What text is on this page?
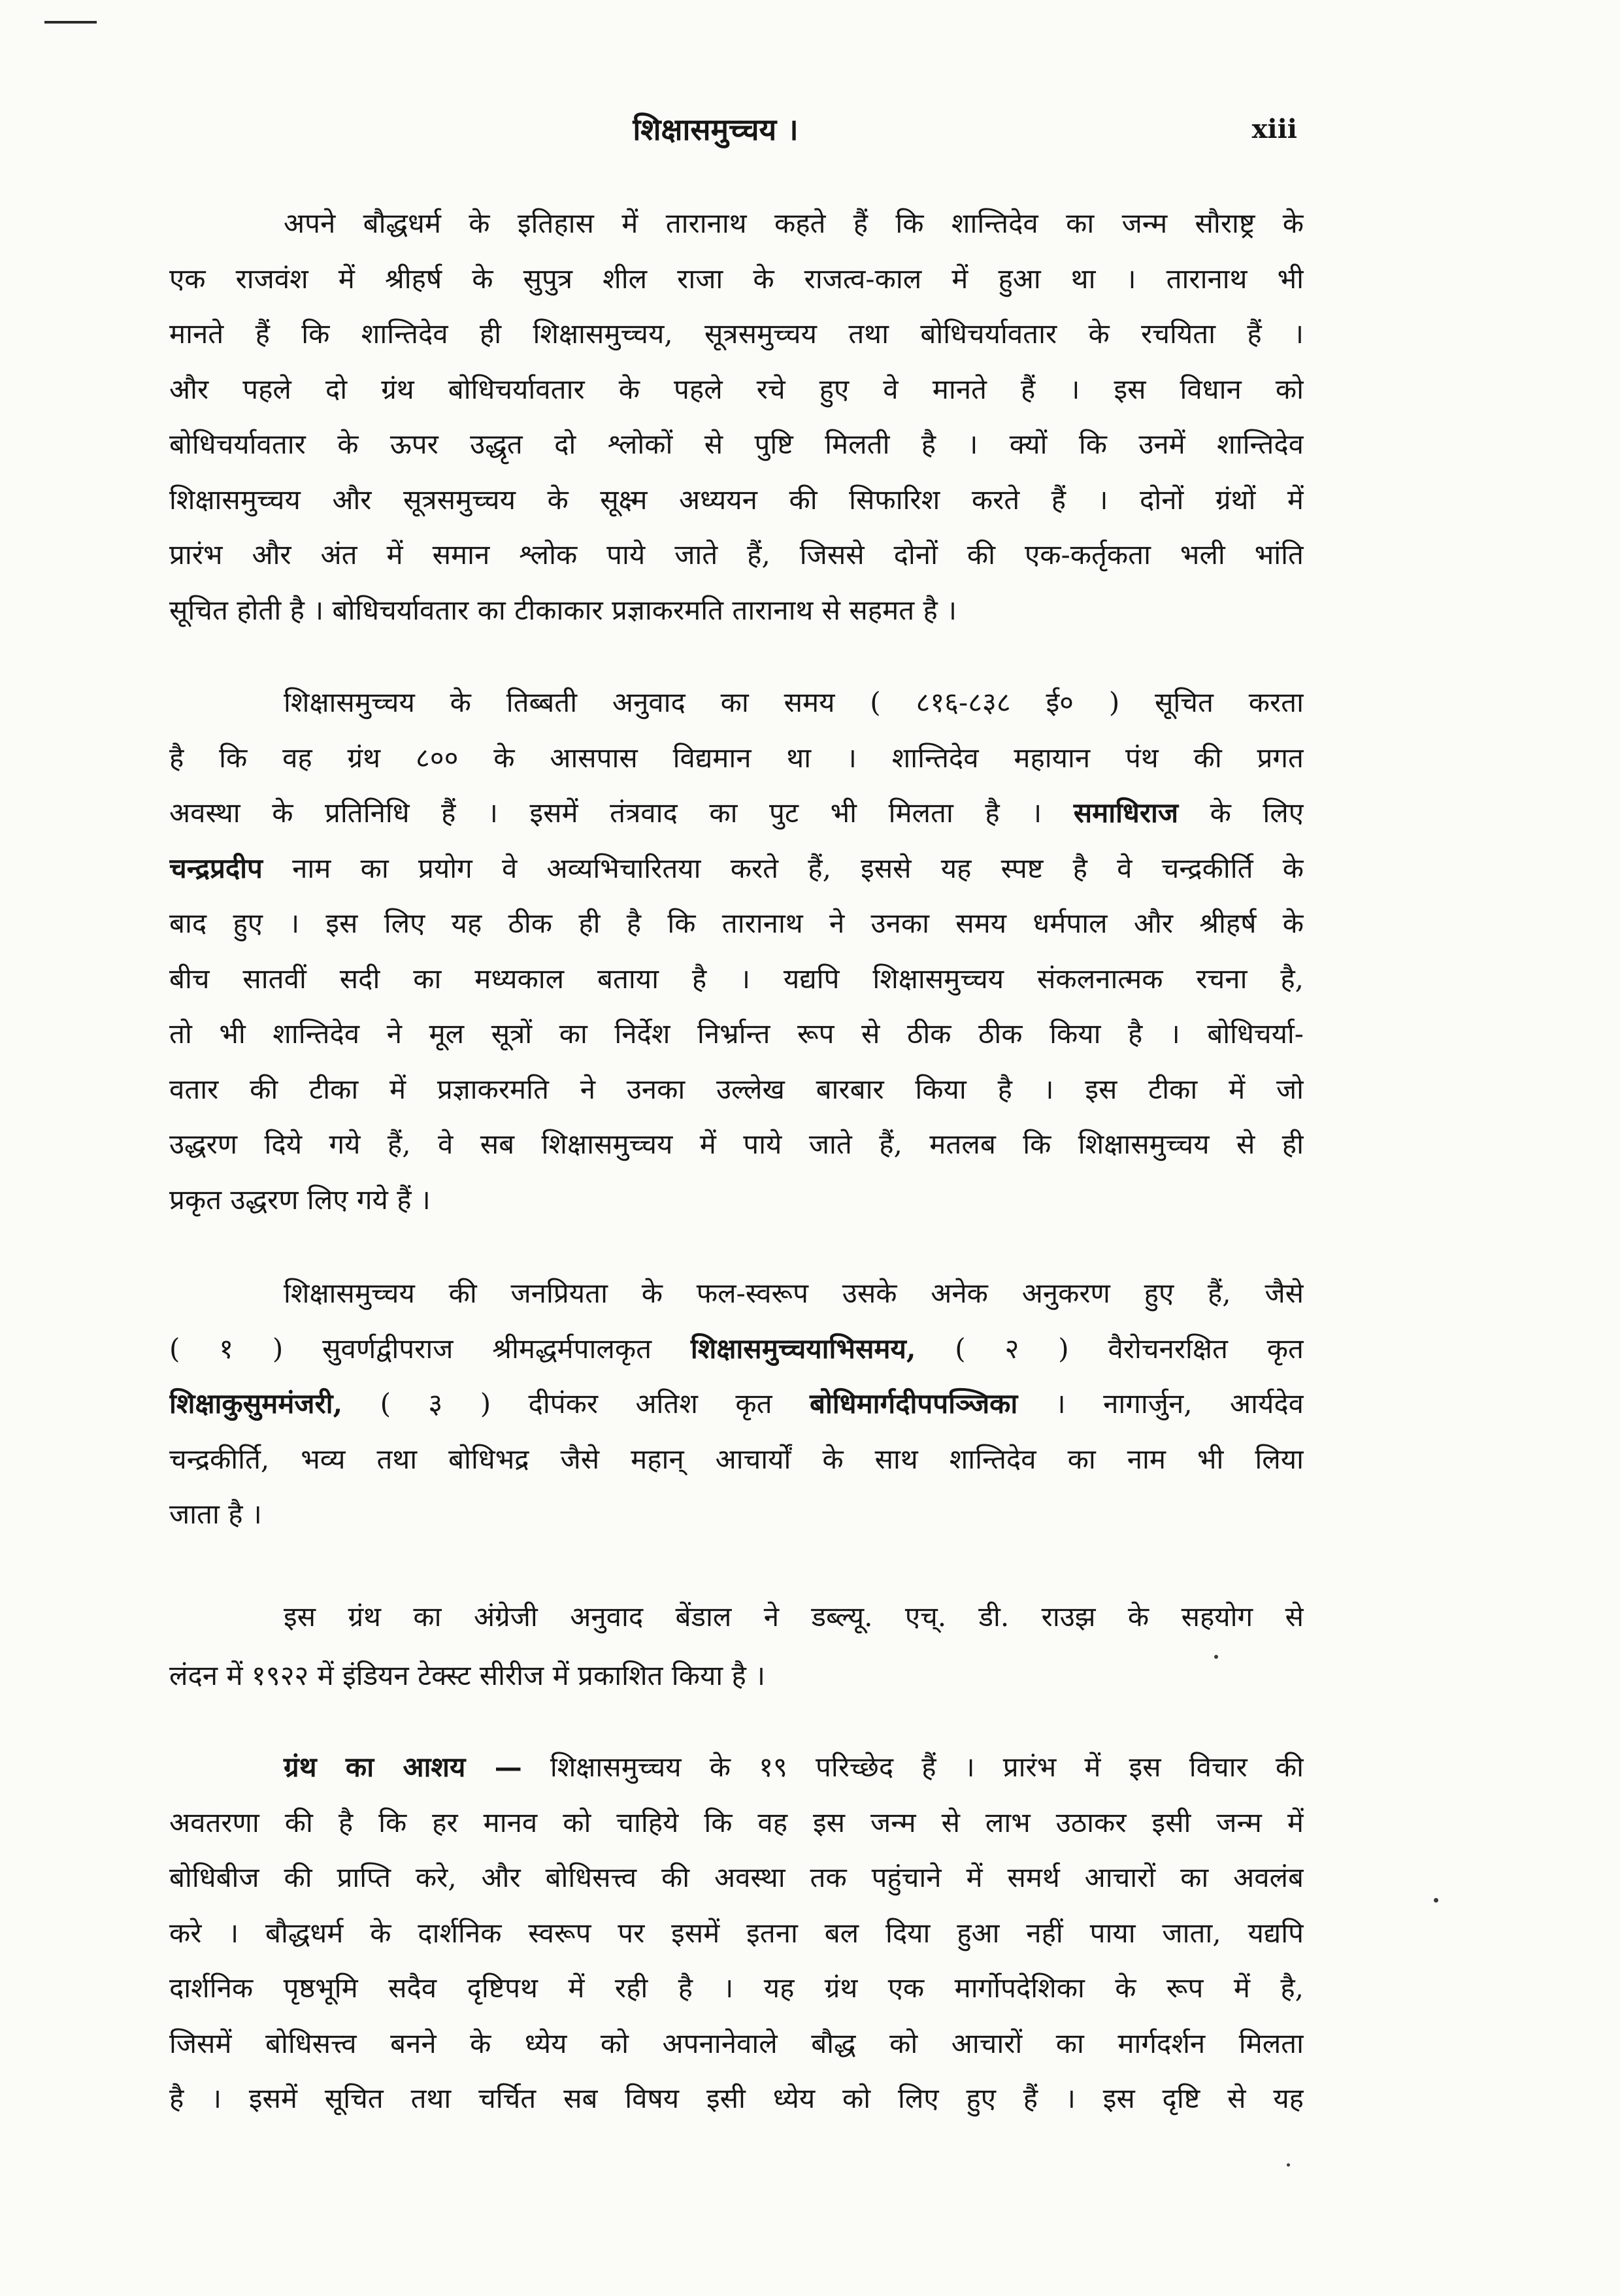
शिक्षासमुच्चय ।	xiii
अपने बौद्धधर्म के इतिहास में तारानाथ कहते हैं कि शान्तिदेव का जन्म सौराष्ट्र के
एक राजवंश में श्रीहर्ष के सुपुत्र शील राजा के राजत्व-काल में हुआ था । तारानाथ भी
मानते हैं कि शान्तिदेव ही शिक्षासमुच्चय, सूत्रसमुच्चय तथा बोधिचर्यावतार के रचयिता हैं ।
और पहले दो ग्रंथ बोधिचर्यावतार के पहले रचे हुए वे मानते हैं । इस विधान को
बोधिचर्यावतार के ऊपर उद्धृत दो श्लोकों से पुष्टि मिलती है । क्यों कि उनमें शान्तिदेव
शिक्षासमुच्चय और सूत्रसमुच्चय के सूक्ष्म अध्ययन की सिफारिश करते हैं । दोनों ग्रंथों में
प्रारंभ और अंत में समान श्लोक पाये जाते हैं, जिससे दोनों की एक-कर्तृकता भली भांति
सूचित होती है । बोधिचर्यावतार का टीकाकार प्रज्ञाकरमति तारानाथ से सहमत है ।
शिक्षासमुच्चय के तिब्बती अनुवाद का समय ( ८१६-८३८ ई० ) सूचित करता
है कि वह ग्रंथ ८०० के आसपास विद्यमान था । शान्तिदेव महायान पंथ की प्रगत
अवस्था के प्रतिनिधि हैं । इसमें तंत्रवाद का पुट भी मिलता है । समाधिराज के लिए
चन्द्रप्रदीप नाम का प्रयोग वे अव्यभिचारितया करते हैं, इससे यह स्पष्ट है वे चन्द्रकीर्ति के
बाद हुए । इस लिए यह ठीक ही है कि तारानाथ ने उनका समय धर्मपाल और श्रीहर्ष के
बीच सातवीं सदी का मध्यकाल बताया है । यद्यपि शिक्षासमुच्चय संकलनात्मक रचना है,
तो भी शान्तिदेव ने मूल सूत्रों का निर्देश निर्भ्रान्त रूप से ठीक ठीक किया है । बोधिचर्या-
वतार की टीका में प्रज्ञाकरमति ने उनका उल्लेख बारबार किया है । इस टीका में जो
उद्धरण दिये गये हैं, वे सब शिक्षासमुच्चय में पाये जाते हैं, मतलब कि शिक्षासमुच्चय से ही
प्रकृत उद्धरण लिए गये हैं ।
शिक्षासमुच्चय की जनप्रियता के फल-स्वरूप उसके अनेक अनुकरण हुए हैं, जैसे
( १ ) सुवर्णद्वीपराज श्रीमद्धर्मपालकृत शिक्षासमुच्चयाभिसमय, ( २ ) वैरोचनरक्षित कृत
शिक्षाकुसुममंजरी, ( ३ ) दीपंकर अतिश कृत बोधिमार्गदीपपञ्जिका । नागार्जुन, आर्यदेव
चन्द्रकीर्ति, भव्य तथा बोधिभद्र जैसे महान् आचार्यों के साथ शान्तिदेव का नाम भी लिया
जाता है ।
इस ग्रंथ का अंग्रेजी अनुवाद बेंडाल ने डब्ल्यू. एच्. डी. राउझ के सहयोग से
लंदन में १९२२ में इंडियन टेक्स्ट सीरीज में प्रकाशित किया है ।
ग्रंथ का आशय — शिक्षासमुच्चय के १९ परिच्छेद हैं । प्रारंभ में इस विचार की
अवतरणा की है कि हर मानव को चाहिये कि वह इस जन्म से लाभ उठाकर इसी जन्म में
बोधिबीज की प्राप्ति करे, और बोधिसत्त्व की अवस्था तक पहुंचाने में समर्थ आचारों का अवलंब
करे । बौद्धधर्म के दार्शनिक स्वरूप पर इसमें इतना बल दिया हुआ नहीं पाया जाता, यद्यपि
दार्शनिक पृष्ठभूमि सदैव दृष्टिपथ में रही है । यह ग्रंथ एक मार्गोपदेशिका के रूप में है,
जिसमें बोधिसत्त्व बनने के ध्येय को अपनानेवाले बौद्ध को आचारों का मार्गदर्शन मिलता
है । इसमें सूचित तथा चर्चित सब विषय इसी ध्येय को लिए हुए हैं । इस दृष्टि से यह
